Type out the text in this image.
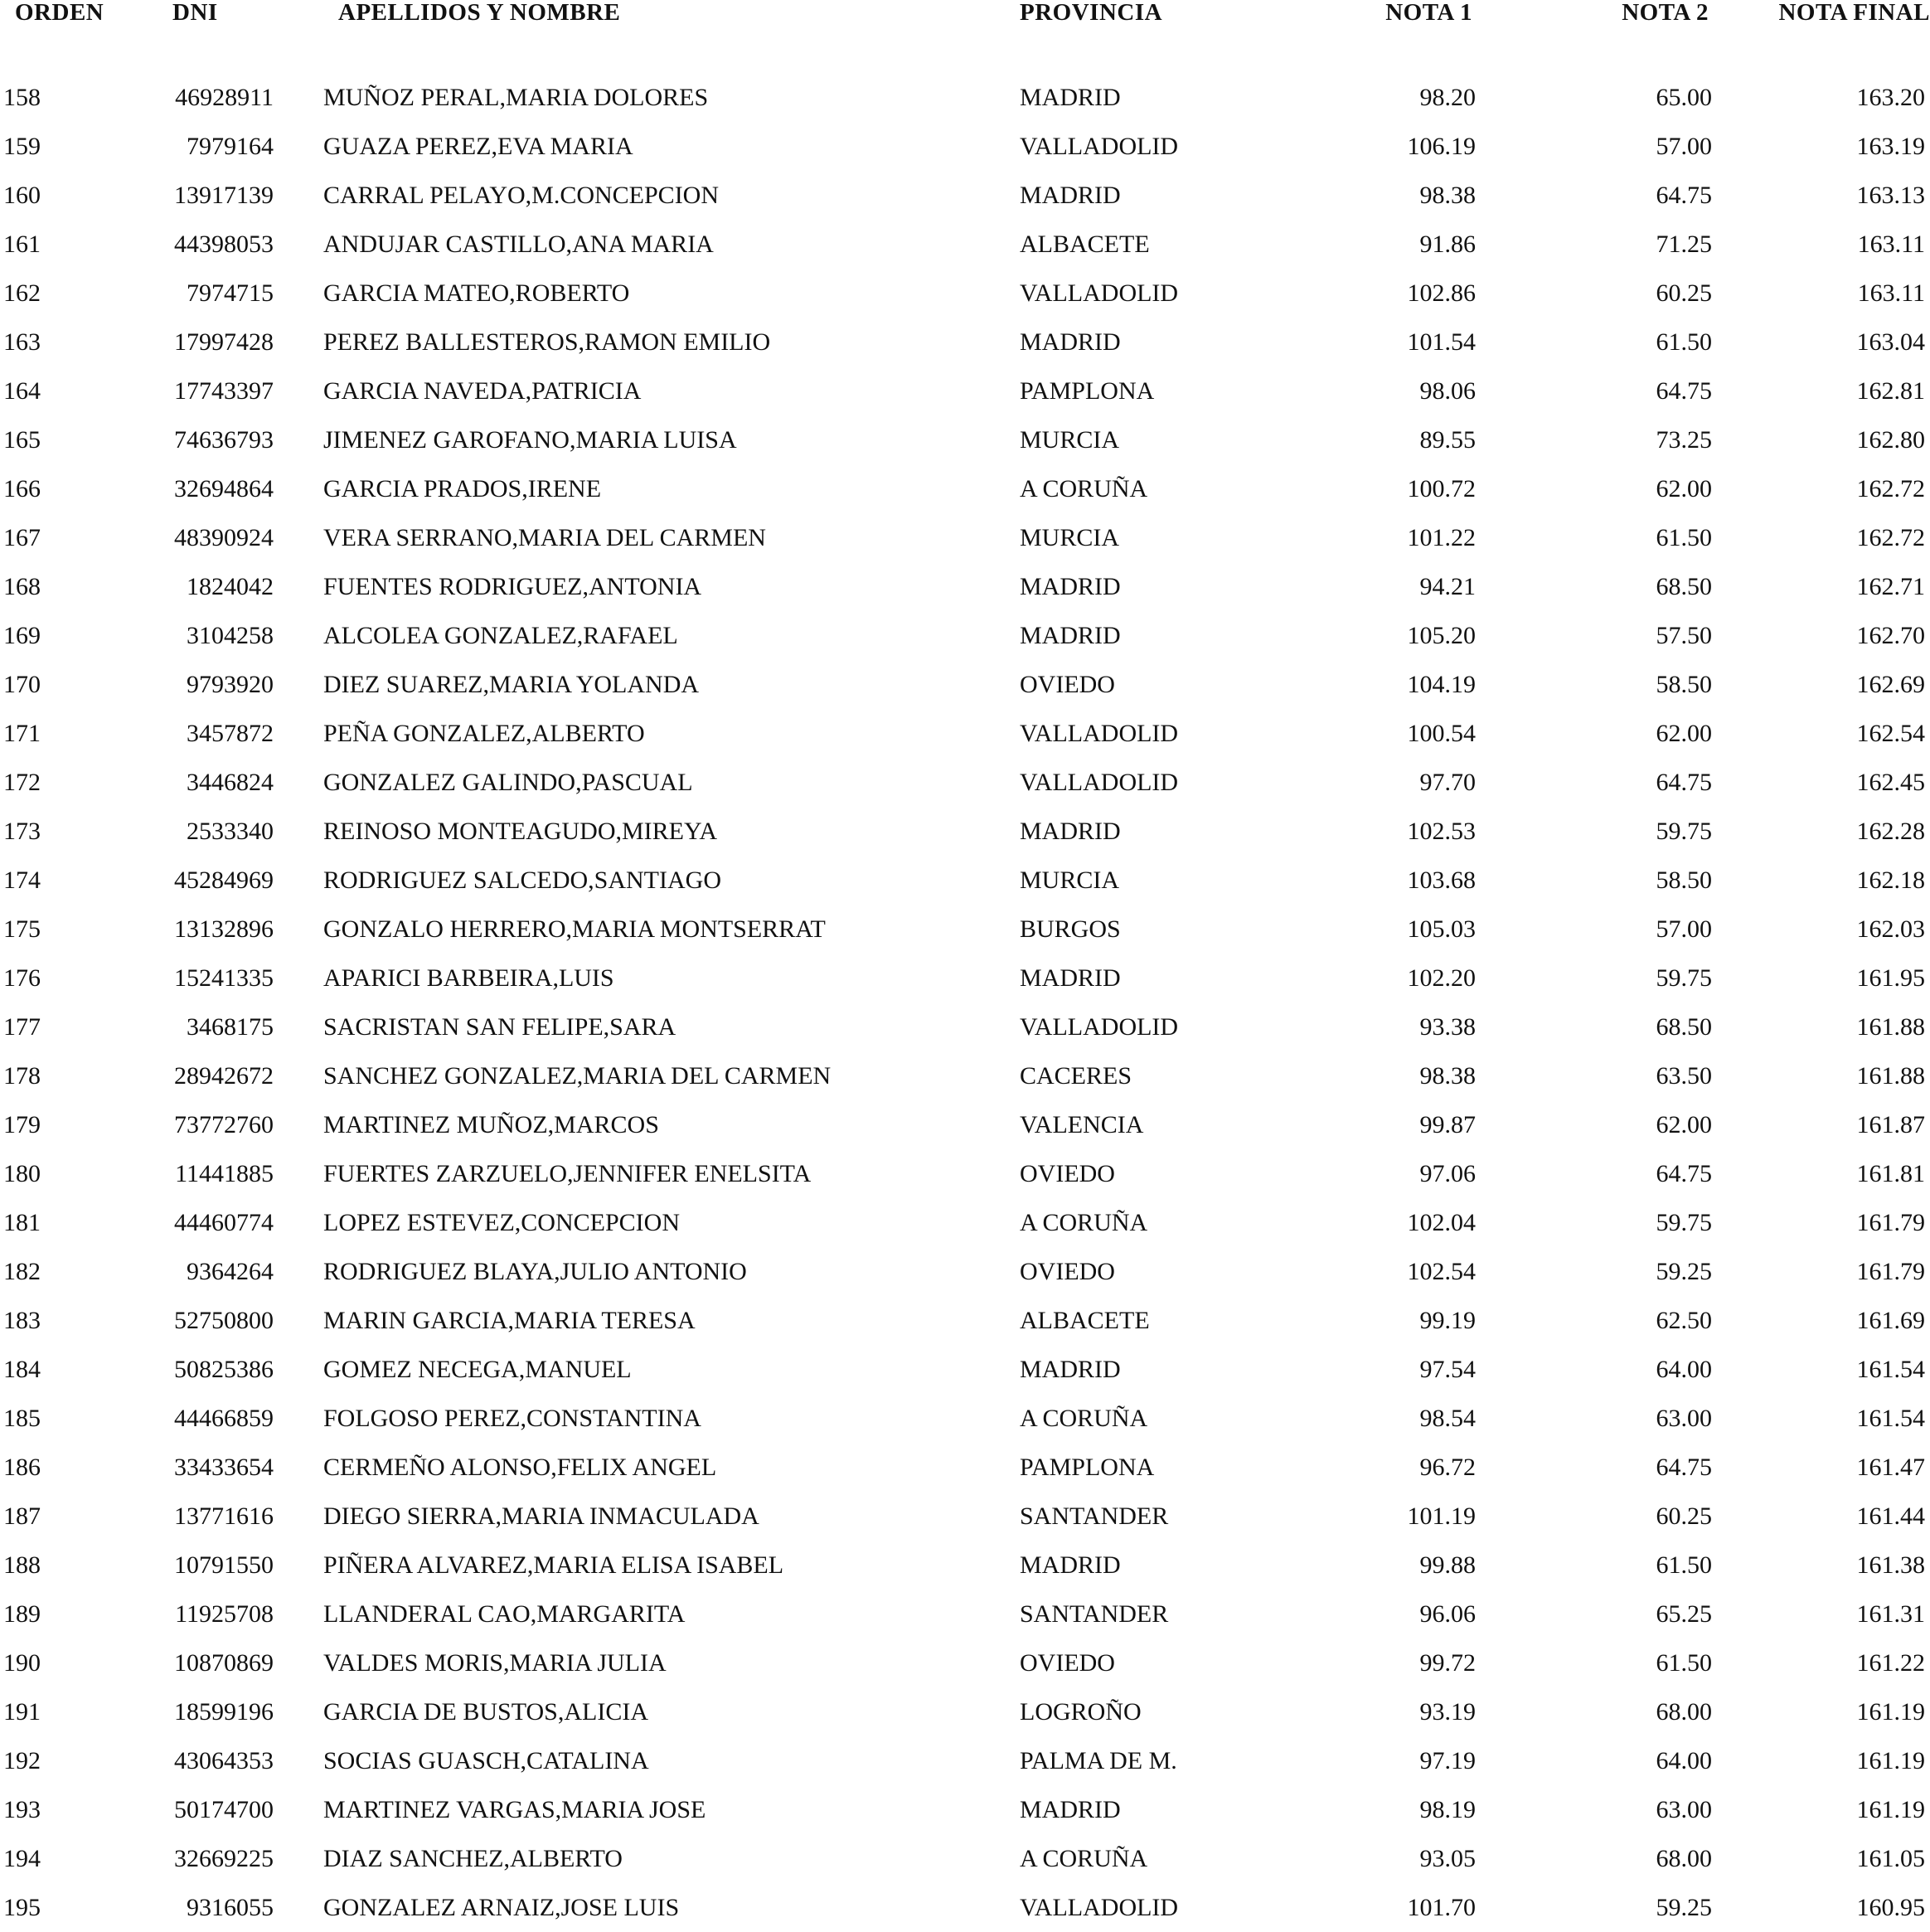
ORDEN	DNI		APELLIDOS Y NOMBRE	PROVINCIA	NOTA 1	NOTA 2	NOTA FINAL
158	46928911		MUÑOZ PERAL,MARIA DOLORES	MADRID	98.20	65.00	163.20
159	7979164		GUAZA PEREZ,EVA MARIA	VALLADOLID	106.19	57.00	163.19
160	13917139		CARRAL PELAYO,M.CONCEPCION	MADRID	98.38	64.75	163.13
161	44398053		ANDUJAR CASTILLO,ANA MARIA	ALBACETE	91.86	71.25	163.11
162	7974715		GARCIA MATEO,ROBERTO	VALLADOLID	102.86	60.25	163.11
163	17997428		PEREZ BALLESTEROS,RAMON EMILIO	MADRID	101.54	61.50	163.04
164	17743397		GARCIA NAVEDA,PATRICIA	PAMPLONA	98.06	64.75	162.81
165	74636793		JIMENEZ GAROFANO,MARIA LUISA	MURCIA	89.55	73.25	162.80
166	32694864		GARCIA PRADOS,IRENE	A CORUÑA	100.72	62.00	162.72
167	48390924		VERA SERRANO,MARIA DEL CARMEN	MURCIA	101.22	61.50	162.72
168	1824042		FUENTES RODRIGUEZ,ANTONIA	MADRID	94.21	68.50	162.71
169	3104258		ALCOLEA GONZALEZ,RAFAEL	MADRID	105.20	57.50	162.70
170	9793920		DIEZ SUAREZ,MARIA YOLANDA	OVIEDO	104.19	58.50	162.69
171	3457872		PEÑA GONZALEZ,ALBERTO	VALLADOLID	100.54	62.00	162.54
172	3446824		GONZALEZ GALINDO,PASCUAL	VALLADOLID	97.70	64.75	162.45
173	2533340		REINOSO MONTEAGUDO,MIREYA	MADRID	102.53	59.75	162.28
174	45284969		RODRIGUEZ SALCEDO,SANTIAGO	MURCIA	103.68	58.50	162.18
175	13132896		GONZALO HERRERO,MARIA MONTSERRAT	BURGOS	105.03	57.00	162.03
176	15241335		APARICI BARBEIRA,LUIS	MADRID	102.20	59.75	161.95
177	3468175		SACRISTAN SAN FELIPE,SARA	VALLADOLID	93.38	68.50	161.88
178	28942672		SANCHEZ GONZALEZ,MARIA DEL CARMEN	CACERES	98.38	63.50	161.88
179	73772760		MARTINEZ MUÑOZ,MARCOS	VALENCIA	99.87	62.00	161.87
180	11441885		FUERTES ZARZUELO,JENNIFER ENELSITA	OVIEDO	97.06	64.75	161.81
181	44460774		LOPEZ ESTEVEZ,CONCEPCION	A CORUÑA	102.04	59.75	161.79
182	9364264		RODRIGUEZ BLAYA,JULIO ANTONIO	OVIEDO	102.54	59.25	161.79
183	52750800		MARIN GARCIA,MARIA TERESA	ALBACETE	99.19	62.50	161.69
184	50825386		GOMEZ NECEGA,MANUEL	MADRID	97.54	64.00	161.54
185	44466859		FOLGOSO PEREZ,CONSTANTINA	A CORUÑA	98.54	63.00	161.54
186	33433654		CERMEÑO ALONSO,FELIX ANGEL	PAMPLONA	96.72	64.75	161.47
187	13771616		DIEGO SIERRA,MARIA INMACULADA	SANTANDER	101.19	60.25	161.44
188	10791550		PIÑERA ALVAREZ,MARIA ELISA ISABEL	MADRID	99.88	61.50	161.38
189	11925708		LLANDERAL CAO,MARGARITA	SANTANDER	96.06	65.25	161.31
190	10870869		VALDES MORIS,MARIA JULIA	OVIEDO	99.72	61.50	161.22
191	18599196		GARCIA DE BUSTOS,ALICIA	LOGROÑO	93.19	68.00	161.19
192	43064353		SOCIAS GUASCH,CATALINA	PALMA DE M.	97.19	64.00	161.19
193	50174700		MARTINEZ VARGAS,MARIA JOSE	MADRID	98.19	63.00	161.19
194	32669225		DIAZ SANCHEZ,ALBERTO	A CORUÑA	93.05	68.00	161.05
195	9316055		GONZALEZ ARNAIZ,JOSE LUIS	VALLADOLID	101.70	59.25	160.95
